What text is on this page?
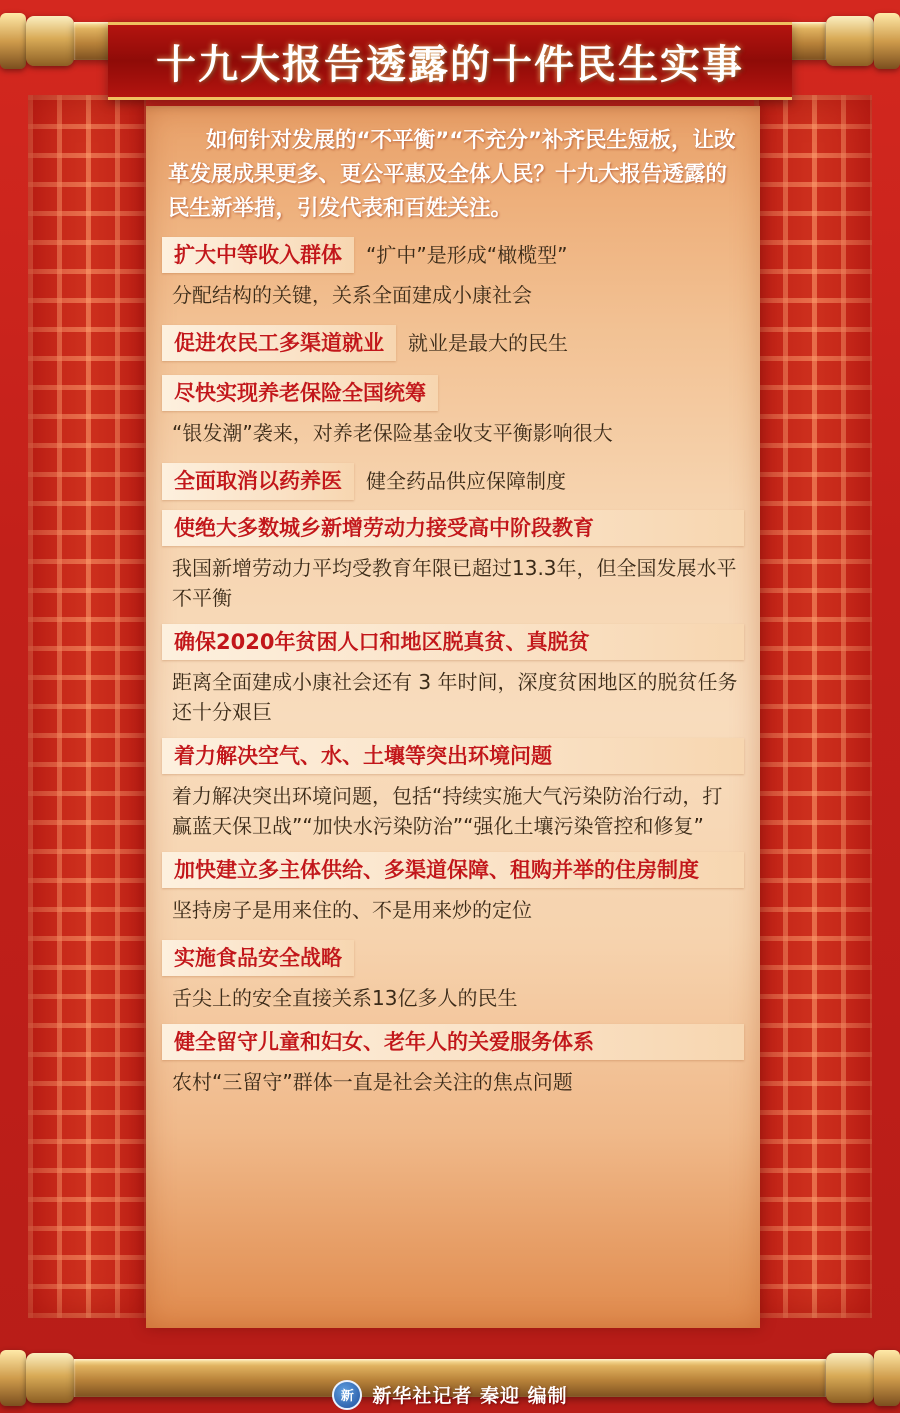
十九大报告透露的十件民生实事
如何针对发展的“不平衡”“不充分”补齐民生短板，让改革发展成果更多、更公平惠及全体人民？十九大报告透露的民生新举措，引发代表和百姓关注。
扩大中等收入群体	“扩中”是形成“橄榄型”
分配结构的关键，关系全面建成小康社会
促进农民工多渠道就业	就业是最大的民生
尽快实现养老保险全国统筹
“银发潮”袭来，对养老保险基金收支平衡影响很大
全面取消以药养医	健全药品供应保障制度
使绝大多数城乡新增劳动力接受高中阶段教育
我国新增劳动力平均受教育年限已超过13.3年，但全国发展水平不平衡
确保2020年贫困人口和地区脱真贫、真脱贫
距离全面建成小康社会还有 3 年时间，深度贫困地区的脱贫任务还十分艰巨
着力解决空气、水、土壤等突出环境问题
着力解决突出环境问题，包括“持续实施大气污染防治行动，打赢蓝天保卫战”“加快水污染防治”“强化土壤污染管控和修复”
加快建立多主体供给、多渠道保障、租购并举的住房制度
坚持房子是用来住的、不是用来炒的定位
实施食品安全战略
舌尖上的安全直接关系13亿多人的民生
健全留守儿童和妇女、老年人的关爱服务体系
农村“三留守”群体一直是社会关注的焦点问题
新 新华社记者 秦迎 编制
